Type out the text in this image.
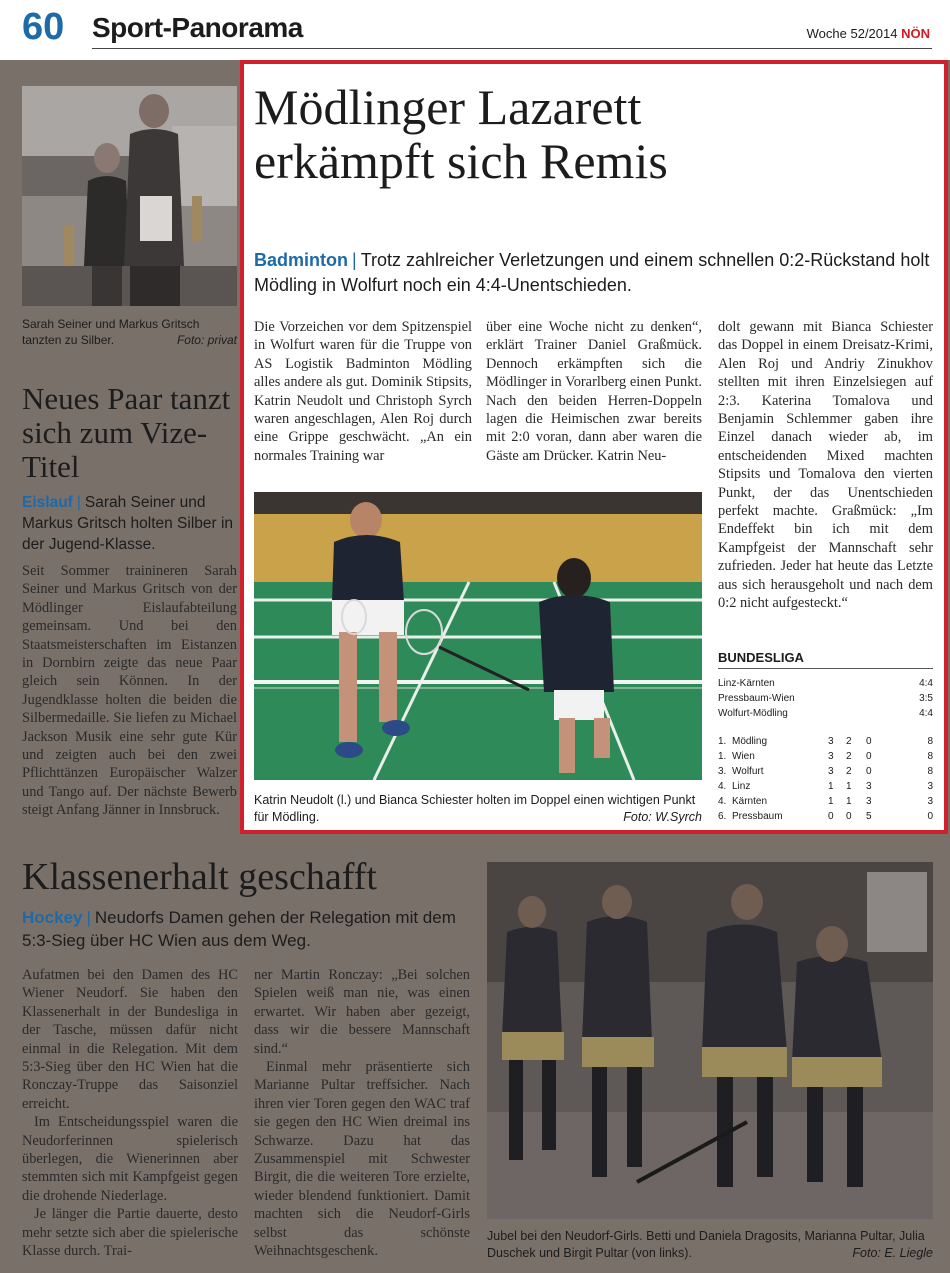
60 Sport-Panorama	Woche 52/2014 NÖN
Sarah Seiner und Markus Gritsch tanzten zu Silber.	Foto: privat
Neues Paar tanzt sich zum Vize-Titel
Eislauf | Sarah Seiner und Markus Gritsch holten Silber in der Jugend-Klasse.
Seit Sommer trainineren Sarah Seiner und Markus Gritsch von der Mödlinger Eislaufabteilung gemeinsam. Und bei den Staatsmeisterschaften im Eistanzen in Dornbirn zeigte das neue Paar gleich sein Können. In der Jugendklasse holten die beiden die Silbermedaille. Sie liefen zu Michael Jackson Musik eine sehr gute Kür und zeigten auch bei den zwei Pflichttänzen Europäischer Walzer und Tango auf. Der nächste Bewerb steigt Anfang Jänner in Innsbruck.
Mödlinger Lazarett
erkämpft sich Remis
Badminton | Trotz zahlreicher Verletzungen und einem schnellen 0:2-Rückstand holt Mödling in Wolfurt noch ein 4:4-Unentschieden.
Die Vorzeichen vor dem Spitzenspiel in Wolfurt waren für die Truppe von AS Logistik Badminton Mödling alles andere als gut. Dominik Stipsits, Katrin Neudolt und Christoph Syrch waren angeschlagen, Alen Roj durch eine Grippe geschwächt. „An ein normales Training war
über eine Woche nicht zu denken“, erklärt Trainer Daniel Graßmück. Dennoch erkämpften sich die Mödlinger in Vorarlberg einen Punkt. Nach den beiden Herren-Doppeln lagen die Heimischen zwar bereits mit 2:0 voran, dann aber waren die Gäste am Drücker. Katrin Neu-
dolt gewann mit Bianca Schiester das Doppel in einem Dreisatz-Krimi, Alen Roj und Andriy Zinukhov stellten mit ihren Einzelsiegen auf 2:3. Katerina Tomalova und Benjamin Schlemmer gaben ihre Einzel danach wieder ab, im entscheidenden Mixed machten Stipsits und Tomalova den vierten Punkt, der das Unentschieden perfekt machte. Graßmück: „Im Endeffekt bin ich mit dem Kampfgeist der Mannschaft sehr zufrieden. Jeder hat heute das Letzte aus sich herausgeholt und nach dem 0:2 nicht aufgesteckt.“
Katrin Neudolt (l.) und Bianca Schiester holten im Doppel einen wichtigen Punkt für Mödling.	Foto: W.Syrch
BUNDESLIGA
Linz-Kärnten	4:4
Pressbaum-Wien	3:5
Wolfurt-Mödling	4:4
1. Mödling	3 2 0	8
1. Wien	3 2 0	8
3. Wolfurt	3 2 0	8
4. Linz	1 1 3	3
4. Kärnten	1 1 3	3
6. Pressbaum	0 0 5	0
Klassenerhalt geschafft
Hockey | Neudorfs Damen gehen der Relegation mit dem 5:3-Sieg über HC Wien aus dem Weg.
Aufatmen bei den Damen des HC Wiener Neudorf. Sie haben den Klassenerhalt in der Bundesliga in der Tasche, müssen dafür nicht einmal in die Relegation. Mit dem 5:3-Sieg über den HC Wien hat die Ronczay-Truppe das Saisonziel erreicht.
Im Entscheidungsspiel waren die Neudorferinnen spielerisch überlegen, die Wienerinnen aber stemmten sich mit Kampfgeist gegen die drohende Niederlage.
Je länger die Partie dauerte, desto mehr setzte sich aber die spielerische Klasse durch. Trai-
ner Martin Ronczay: „Bei solchen Spielen weiß man nie, was einen erwartet. Wir haben aber gezeigt, dass wir die bessere Mannschaft sind.“
Einmal mehr präsentierte sich Marianne Pultar treffsicher. Nach ihren vier Toren gegen den WAC traf sie gegen den HC Wien dreimal ins Schwarze. Dazu hat das Zusammenspiel mit Schwester Birgit, die die weiteren Tore erzielte, wieder blendend funktioniert. Damit machten sich die Neudorf-Girls selbst das schönste Weihnachtsgeschenk.
Jubel bei den Neudorf-Girls. Betti und Daniela Dragosits, Marianna Pultar, Julia Duschek und Birgit Pultar (von links).	Foto: E. Liegle
